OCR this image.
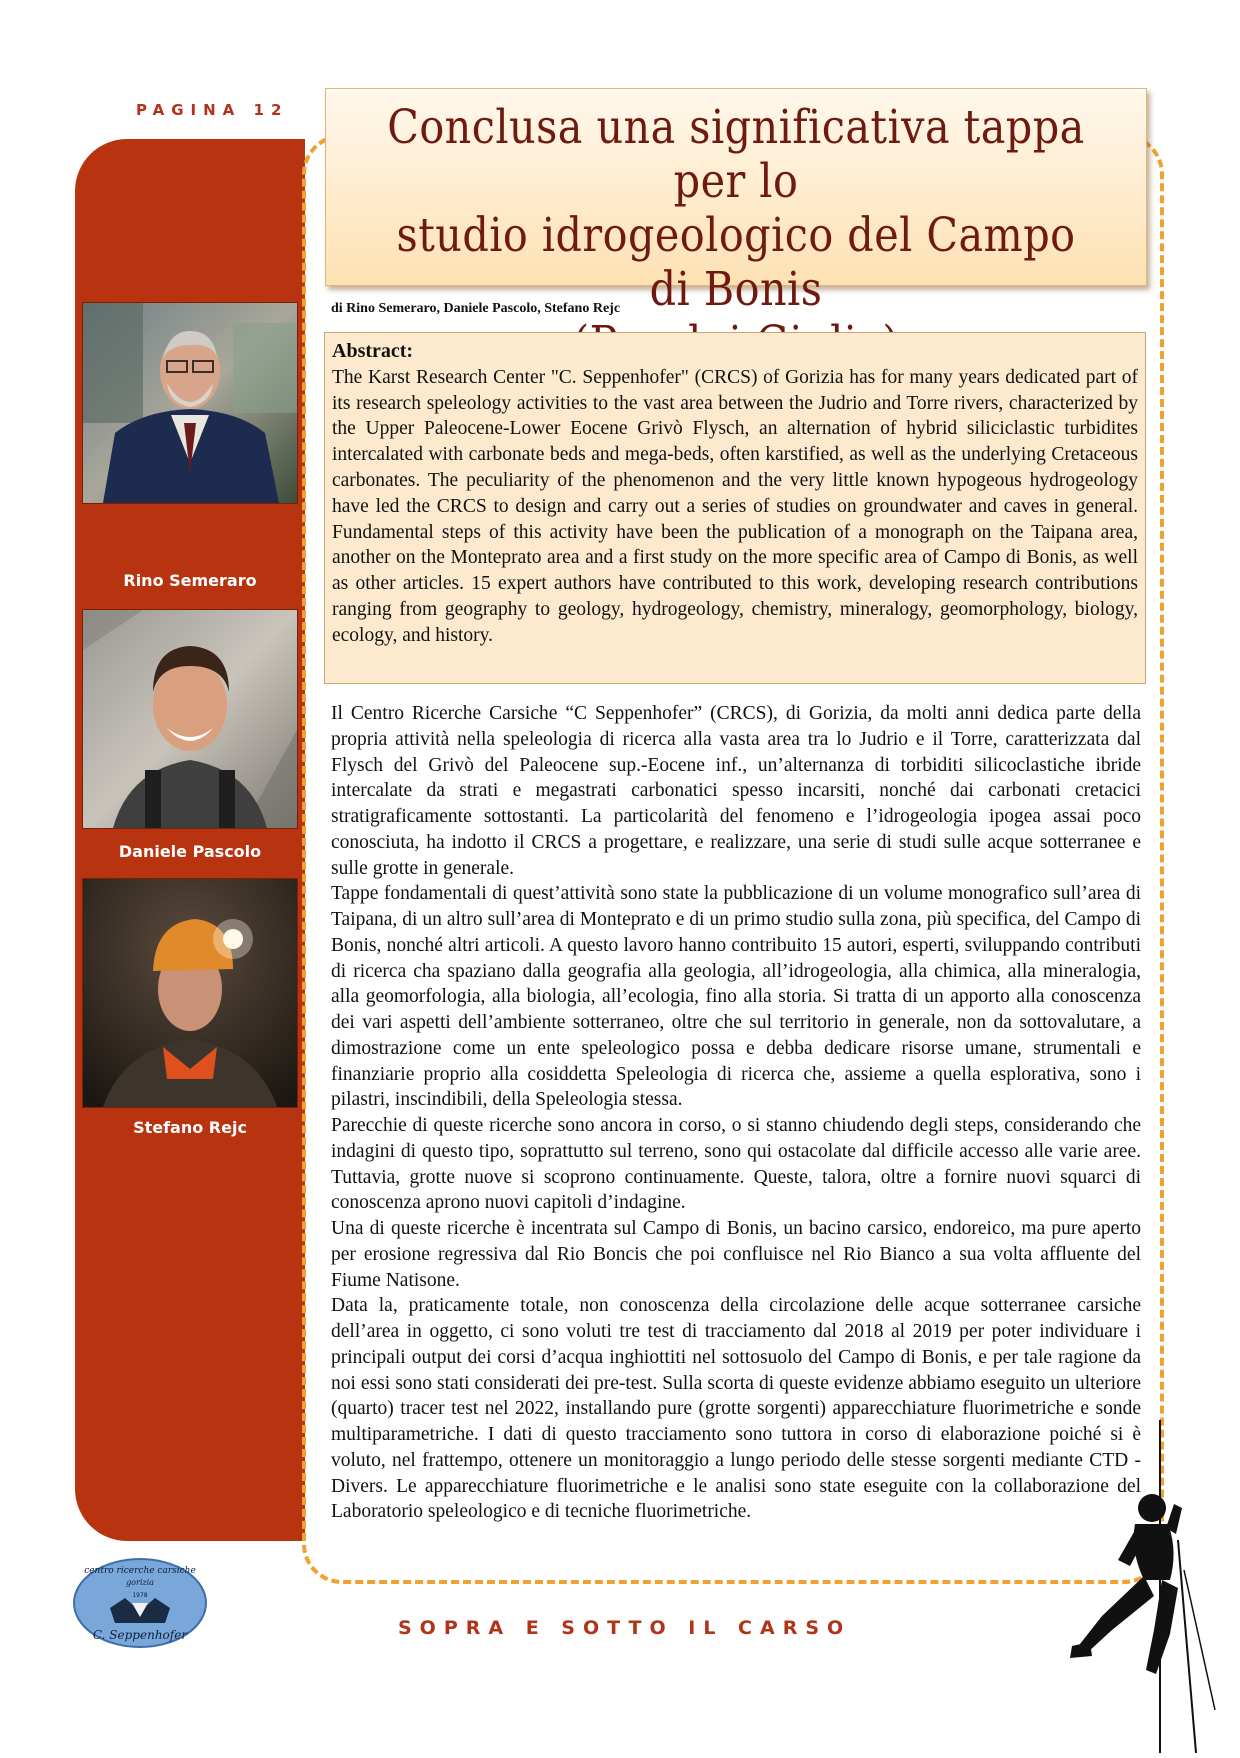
PAGINA 12
Rino Semeraro
Daniele Pascolo
Stefano Rejc
Conclusa una significativa tappa per lo
studio idrogeologico del Campo di Bonis

di Rino Semeraro, Daniele Pascolo, Stefano Rejc
Abstract:
The Karst Research Center "C. Seppenhofer" (CRCS) of Gorizia has for many years dedicated part of its research speleology activities to the vast area between the Judrio and Torre rivers, characterized by the Upper Paleocene-Lower Eocene Grivò Flysch, an alternation of hybrid siliciclastic turbidites intercalated with carbonate beds and mega-beds, often karstified, as well as the underlying Cretaceous carbonates. The peculiarity of the phenomenon and the very little known hypogeous hydrogeology have led the CRCS to design and carry out a series of studies on groundwater and caves in general. Fundamental steps of this activity have been the publication of a monograph on the Taipana area, another on the Monteprato area and a first study on the more specific area of Campo di Bonis, as well as other articles. 15 expert authors have contributed to this work, developing research contributions ranging from geography to geology, hydrogeology, chemistry, mineralogy, geomorphology, biology, ecology, and history.

Il Centro Ricerche Carsiche “C Seppenhofer” (CRCS), di Gorizia, da molti anni dedica parte della propria attività nella speleologia di ricerca alla vasta area tra lo Judrio e il Torre, caratterizzata dal Flysch del Grivò del Paleocene sup.-Eocene inf., un’alternanza di torbiditi silicoclastiche ibride intercalate da strati e megastrati carbonatici spesso incarsiti, nonché dai carbonati cretacici stratigraficamente sottostanti. La particolarità del fenomeno e l’idrogeologia ipogea assai poco conosciuta, ha indotto il CRCS a progettare, e realizzare, una serie di studi sulle acque sotterranee e sulle grotte in generale.

Tappe fondamentali di quest’attività sono state la pubblicazione di un volume monografico sull’area di Taipana, di un altro sull’area di Monteprato e di un primo studio sulla zona, più specifica, del Campo di Bonis, nonché altri articoli. A questo lavoro hanno contribuito 15 autori, esperti, sviluppando contributi di ricerca cha spaziano dalla geografia alla geologia, all’idrogeologia, alla chimica, alla mineralogia, alla geomorfologia, alla biologia, all’ecologia, fino alla storia. Si tratta di un apporto alla conoscenza dei vari aspetti dell’ambiente sotterraneo, oltre che sul territorio in generale, non da sottovalutare, a dimostrazione come un ente speleologico possa e debba dedicare risorse umane, strumentali e finanziarie proprio alla cosiddetta Speleologia di ricerca che, assieme a quella esplorativa, sono i pilastri, inscindibili, della Speleologia stessa.

Parecchie di queste ricerche sono ancora in corso, o si stanno chiudendo degli steps, considerando che indagini di questo tipo, soprattutto sul terreno, sono qui ostacolate dal difficile accesso alle varie aree. Tuttavia, grotte nuove si scoprono continuamente. Queste, talora, oltre a fornire nuovi squarci di conoscenza aprono nuovi capitoli d’indagine.

Una di queste ricerche è incentrata sul Campo di Bonis, un bacino carsico, endoreico, ma pure aperto per erosione regressiva dal Rio Boncis che poi confluisce nel Rio Bianco a sua volta affluente del Fiume Natisone.

Data la, praticamente totale, non conoscenza della circolazione delle acque sotterranee carsiche dell’area in oggetto, ci sono voluti tre test di tracciamento dal 2018 al 2019 per poter individuare i principali output dei corsi d’acqua inghiottiti nel sottosuolo del Campo di Bonis, e per tale ragione da noi essi sono stati considerati dei pre-test. Sulla scorta di queste evidenze abbiamo eseguito un ulteriore (quarto) tracer test nel 2022, installando pure (grotte sorgenti) apparecchiature fluorimetriche e sonde multiparametriche. I dati di questo tracciamento sono tuttora in corso di elaborazione poiché si è voluto, nel frattempo, ottenere un monitoraggio a lungo periodo delle stesse sorgenti mediante CTD -Divers. Le apparecchiature fluorimetriche e le analisi sono state eseguite con la collaborazione del Laboratorio speleologico e di tecniche fluorimetriche.

centro ricerche carsiche
gorizia
1978
C. Seppenhofer	SOPRA E SOTTO IL CARSO
